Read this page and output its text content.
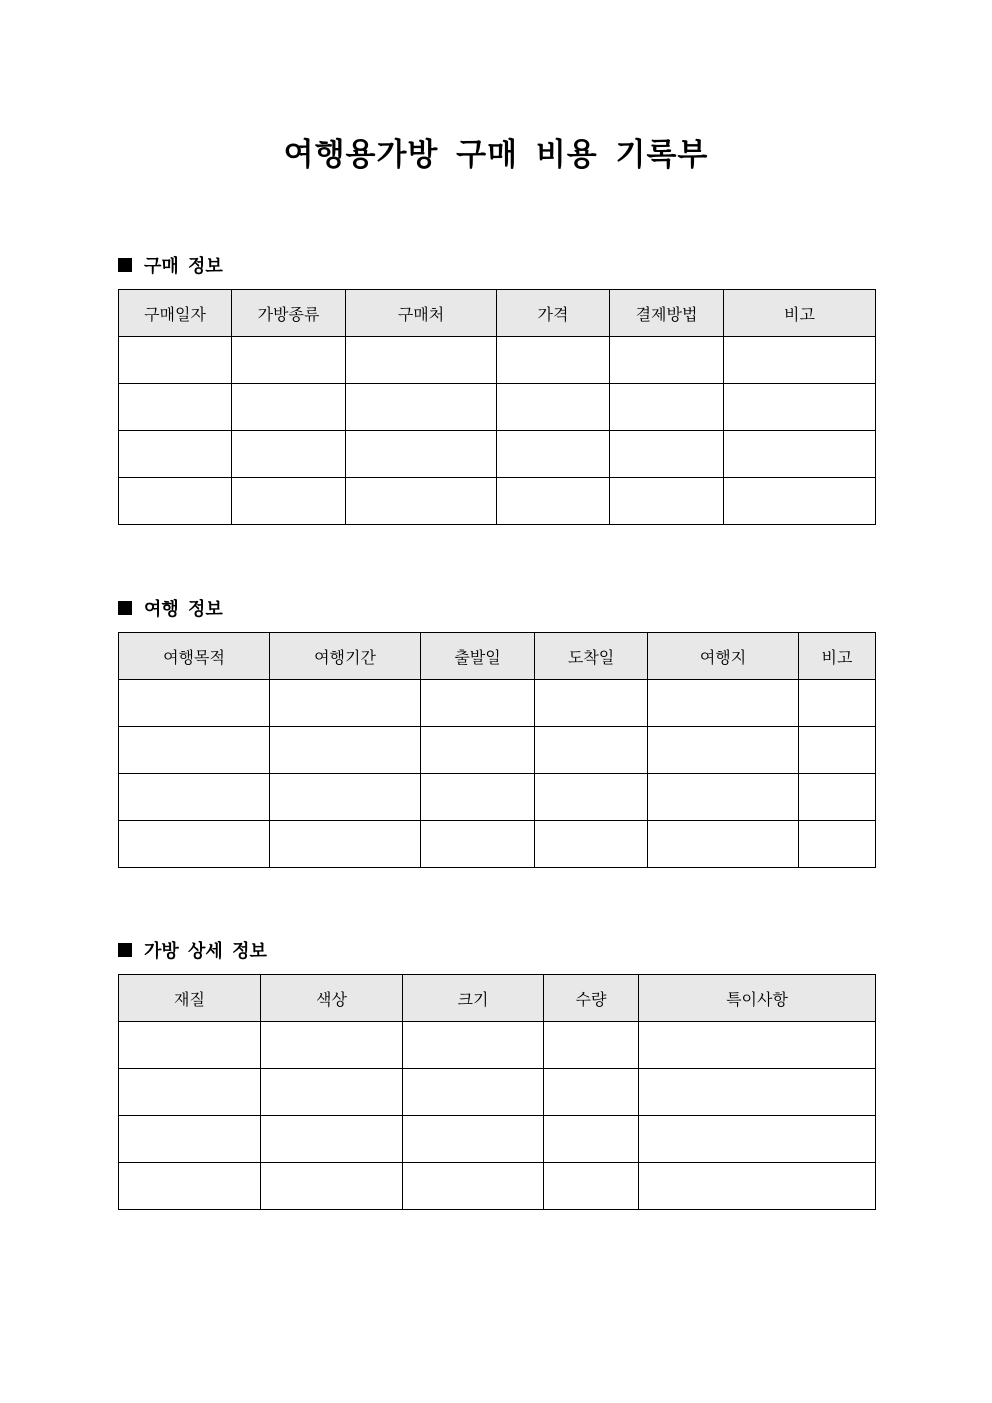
여행용가방 구매 비용 기록부
구매 정보
구매일자	가방종류	구매처	가격	결제방법	비고

여행 정보
여행목적	여행기간	출발일	도착일	여행지	비고

가방 상세 정보
재질	색상	크기	수량	특이사항
